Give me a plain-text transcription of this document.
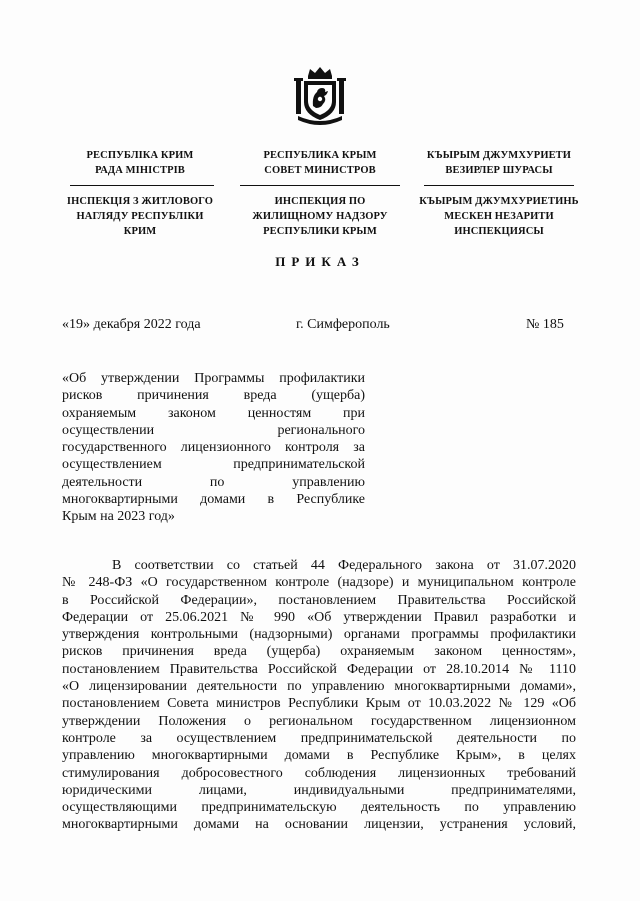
РЕСПУБЛІКА КРИМ
РАДА МІНІСТРІВ
ІНСПЕКЦІЯ З ЖИТЛОВОГО
НАГЛЯДУ РЕСПУБЛІКИ
КРИМ
РЕСПУБЛИКА КРЫМ
СОВЕТ МИНИСТРОВ
ИНСПЕКЦИЯ ПО
ЖИЛИЩНОМУ НАДЗОРУ
РЕСПУБЛИКИ КРЫМ
КЪЫРЫМ ДЖУМХУРИЕТИ
ВЕЗИРЛЕР ШУРАСЫ
КЪЫРЫМ ДЖУМХУРИЕТИНЬ
МЕСКЕН НЕЗАРИТИ
ИНСПЕКЦИЯСЫ
ПРИКАЗ
«19» декабря 2022 года	г. Симферополь	№ 185
«Об утверждении Программы профилактики
рисков причинения вреда (ущерба)
охраняемым законом ценностям при
осуществлении регионального
государственного лицензионного контроля за
осуществлением предпринимательской
деятельности по управлению
многоквартирными домами в Республике
Крым на 2023 год»
В соответствии со статьей 44 Федерального закона от 31.07.2020
№ 248-ФЗ «О государственном контроле (надзоре) и муниципальном контроле
в Российской Федерации», постановлением Правительства Российской
Федерации от 25.06.2021 № 990 «Об утверждении Правил разработки и
утверждения контрольными (надзорными) органами программы профилактики
рисков причинения вреда (ущерба) охраняемым законом ценностям»,
постановлением Правительства Российской Федерации от 28.10.2014 № 1110
«О лицензировании деятельности по управлению многоквартирными домами»,
постановлением Совета министров Республики Крым от 10.03.2022 № 129 «Об
утверждении Положения о региональном государственном лицензионном
контроле за осуществлением предпринимательской деятельности по
управлению многоквартирными домами в Республике Крым», в целях
стимулирования добросовестного соблюдения лицензионных требований
юридическими лицами, индивидуальными предпринимателями,
осуществляющими предпринимательскую деятельность по управлению
многоквартирными домами на основании лицензии, устранения условий,
